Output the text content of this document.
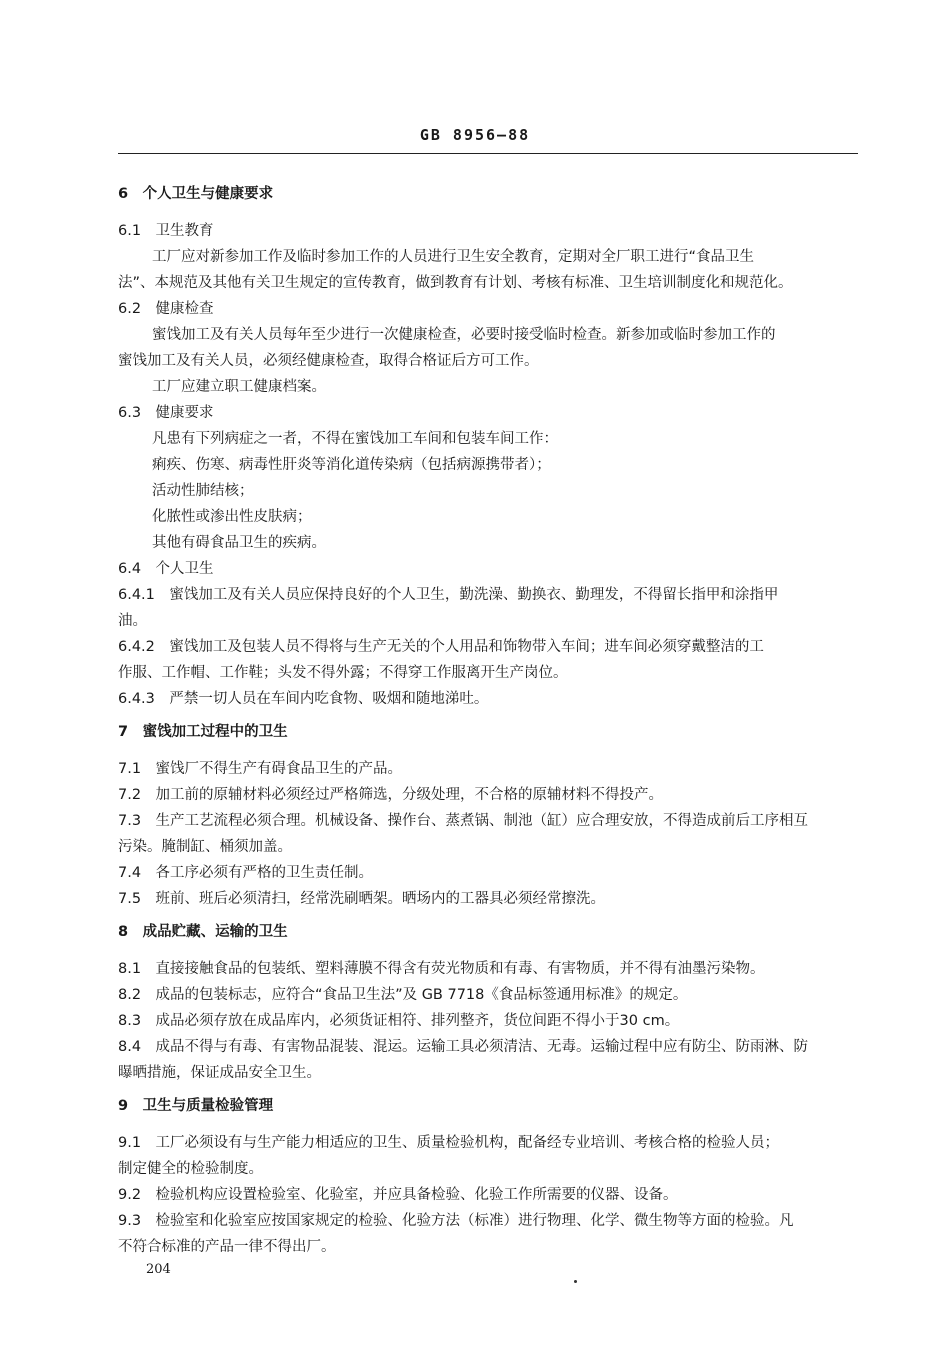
GB 8956—88
6　个人卫生与健康要求
6.1　卫生教育
工厂应对新参加工作及临时参加工作的人员进行卫生安全教育，定期对全厂职工进行“食品卫生
法”、本规范及其他有关卫生规定的宣传教育，做到教育有计划、考核有标准、卫生培训制度化和规范化。
6.2　健康检查
蜜饯加工及有关人员每年至少进行一次健康检查，必要时接受临时检查。新参加或临时参加工作的
蜜饯加工及有关人员，必须经健康检查，取得合格证后方可工作。
工厂应建立职工健康档案。
6.3　健康要求
凡患有下列病症之一者，不得在蜜饯加工车间和包装车间工作：
痢疾、伤寒、病毒性肝炎等消化道传染病（包括病源携带者）；
活动性肺结核；
化脓性或渗出性皮肤病；
其他有碍食品卫生的疾病。
6.4　个人卫生
6.4.1　蜜饯加工及有关人员应保持良好的个人卫生，勤洗澡、勤换衣、勤理发，不得留长指甲和涂指甲
油。
6.4.2　蜜饯加工及包装人员不得将与生产无关的个人用品和饰物带入车间；进车间必须穿戴整洁的工
作服、工作帽、工作鞋；头发不得外露；不得穿工作服离开生产岗位。
6.4.3　严禁一切人员在车间内吃食物、吸烟和随地涕吐。
7　蜜饯加工过程中的卫生
7.1　蜜饯厂不得生产有碍食品卫生的产品。
7.2　加工前的原辅材料必须经过严格筛选，分级处理，不合格的原辅材料不得投产。
7.3　生产工艺流程必须合理。机械设备、操作台、蒸煮锅、制池（缸）应合理安放，不得造成前后工序相互
污染。腌制缸、桶须加盖。
7.4　各工序必须有严格的卫生责任制。
7.5　班前、班后必须清扫，经常洗刷晒架。晒场内的工器具必须经常擦洗。
8　成品贮藏、运输的卫生
8.1　直接接触食品的包装纸、塑料薄膜不得含有荧光物质和有毒、有害物质，并不得有油墨污染物。
8.2　成品的包装标志，应符合“食品卫生法”及 GB 7718《食品标签通用标准》的规定。
8.3　成品必须存放在成品库内，必须货证相符、排列整齐，货位间距不得小于30 cm。
8.4　成品不得与有毒、有害物品混装、混运。运输工具必须清洁、无毒。运输过程中应有防尘、防雨淋、防
曝晒措施，保证成品安全卫生。
9　卫生与质量检验管理
9.1　工厂必须设有与生产能力相适应的卫生、质量检验机构，配备经专业培训、考核合格的检验人员；
制定健全的检验制度。
9.2　检验机构应设置检验室、化验室，并应具备检验、化验工作所需要的仪器、设备。
9.3　检验室和化验室应按国家规定的检验、化验方法（标准）进行物理、化学、微生物等方面的检验。凡
不符合标准的产品一律不得出厂。
204
